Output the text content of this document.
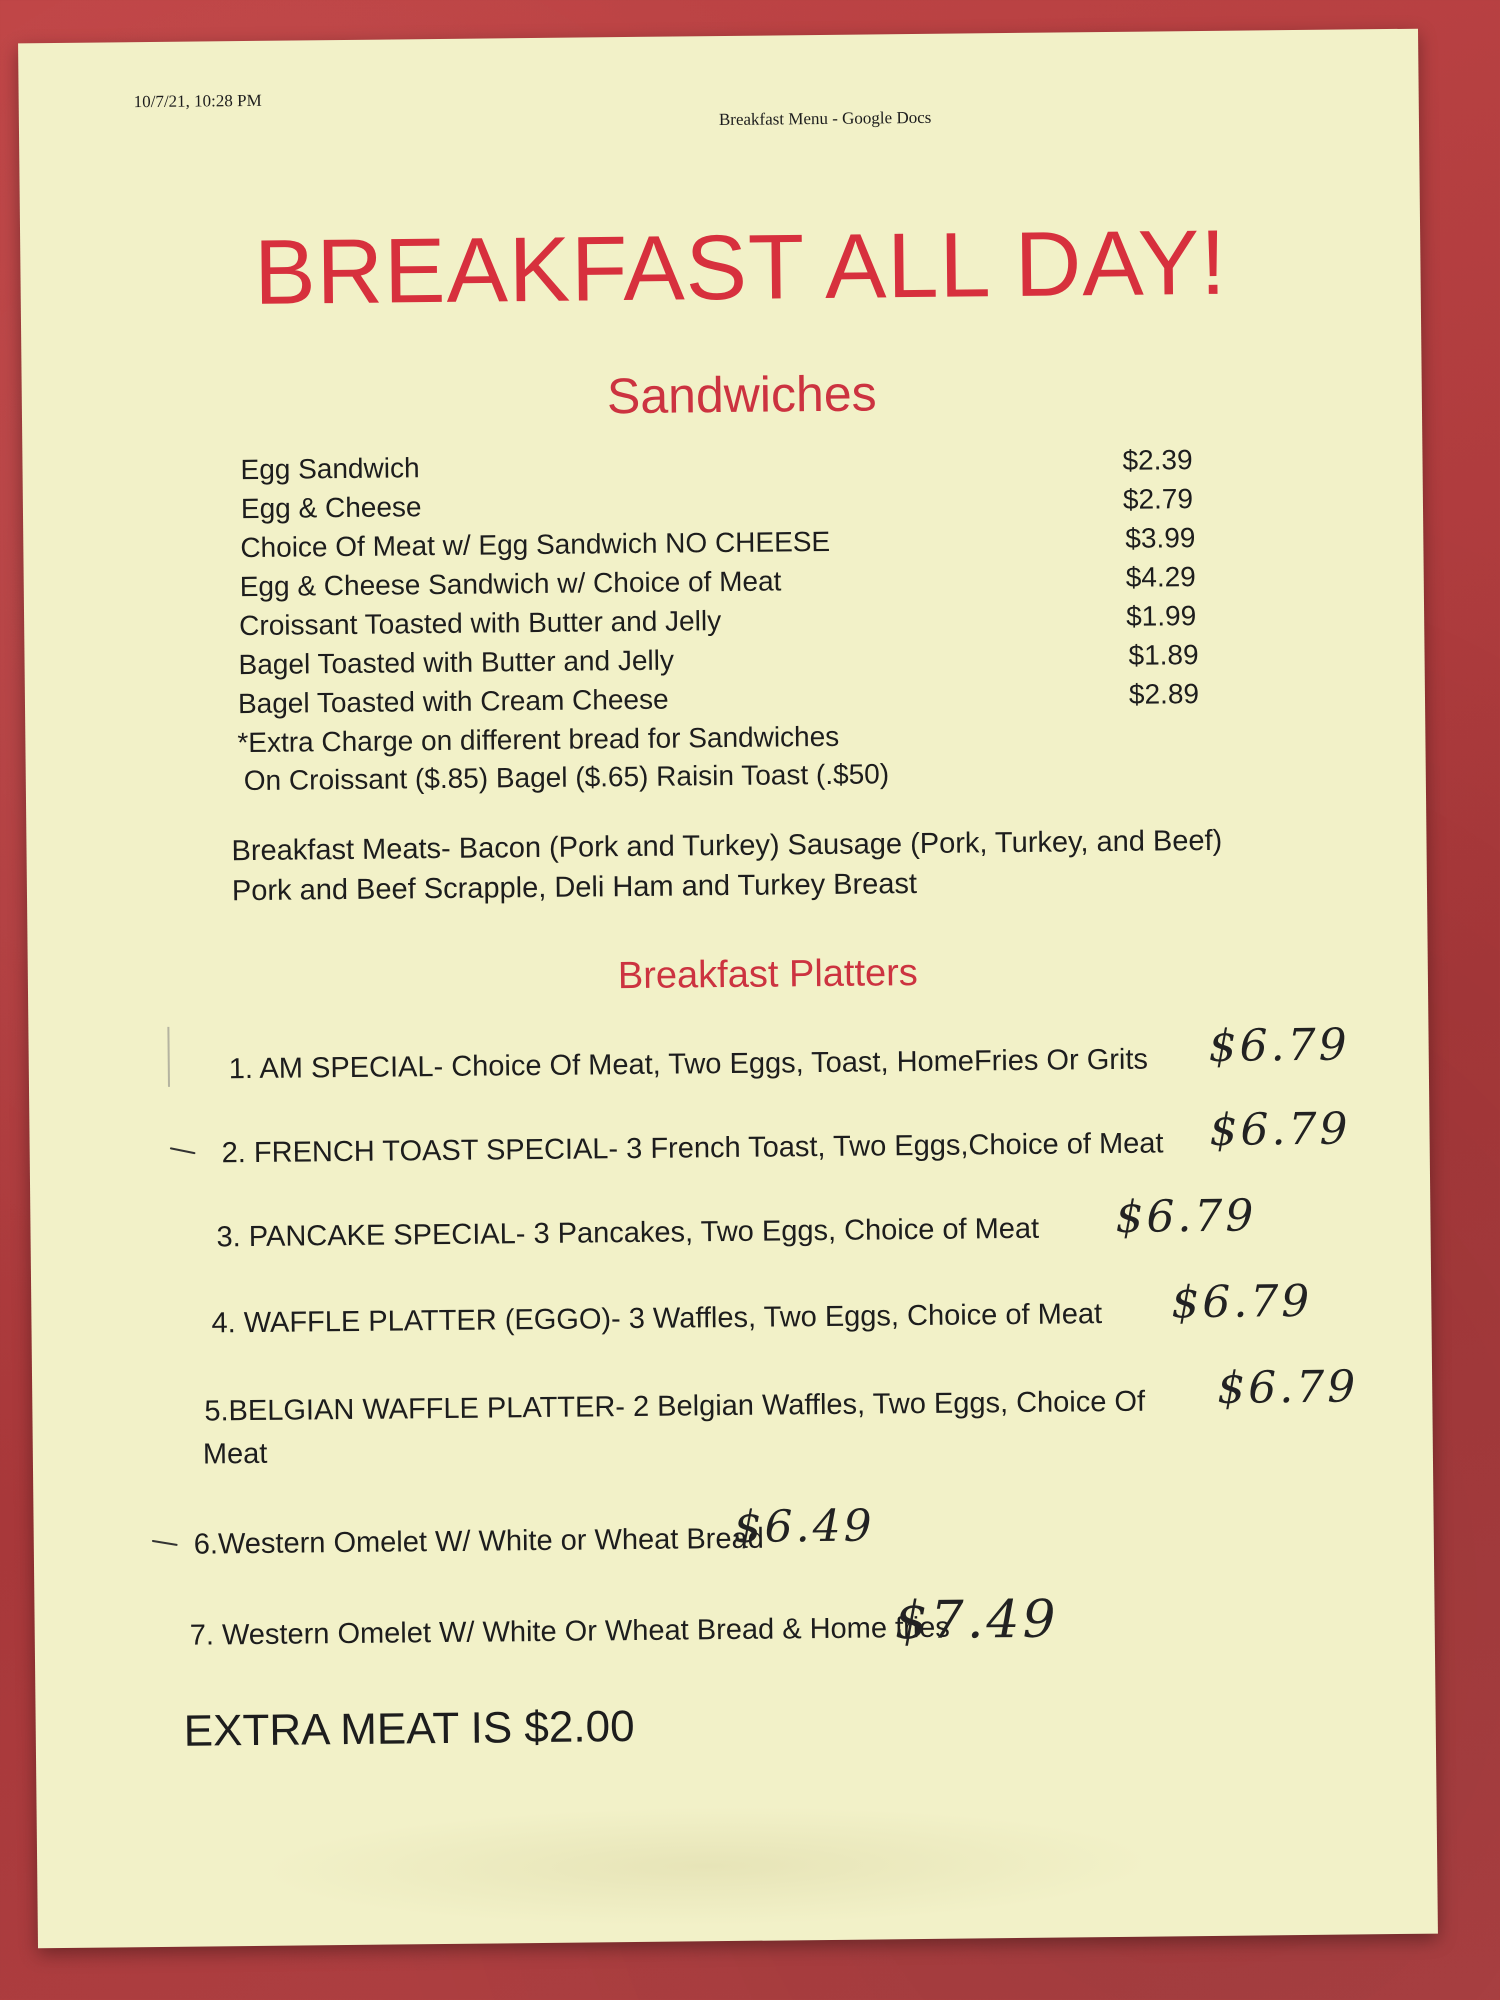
10/7/21, 10:28 PM
Breakfast Menu - Google Docs
BREAKFAST ALL DAY!
Sandwiches
Egg Sandwich	$2.39
Egg & Cheese	$2.79
Choice Of Meat w/ Egg Sandwich NO CHEESE	$3.99
Egg & Cheese Sandwich w/ Choice of Meat	$4.29
Croissant Toasted with Butter and Jelly	$1.99
Bagel Toasted with Butter and Jelly	$1.89
Bagel Toasted with Cream Cheese	$2.89
*Extra Charge on different bread for Sandwiches
On Croissant ($.85) Bagel ($.65) Raisin Toast (.$50)
Breakfast Meats- Bacon (Pork and Turkey) Sausage (Pork, Turkey, and Beef) Pork and Beef Scrapple, Deli Ham and Turkey Breast
Breakfast Platters
1. AM SPECIAL- Choice Of Meat, Two Eggs, Toast, HomeFries Or Grits $6.79
2. FRENCH TOAST SPECIAL- 3 French Toast, Two Eggs,Choice of Meat $6.79
3. PANCAKE SPECIAL- 3 Pancakes, Two Eggs, Choice of Meat $6.79
4. WAFFLE PLATTER (EGGO)- 3 Waffles, Two Eggs, Choice of Meat $6.79
5.BELGIAN WAFFLE PLATTER- 2 Belgian Waffles, Two Eggs, Choice Of
Meat
$6.79
6.Western Omelet W/ White or Wheat Bread
$6.49
7. Western Omelet W/ White Or Wheat Bread & Home fries
$7.49
EXTRA MEAT IS $2.00
